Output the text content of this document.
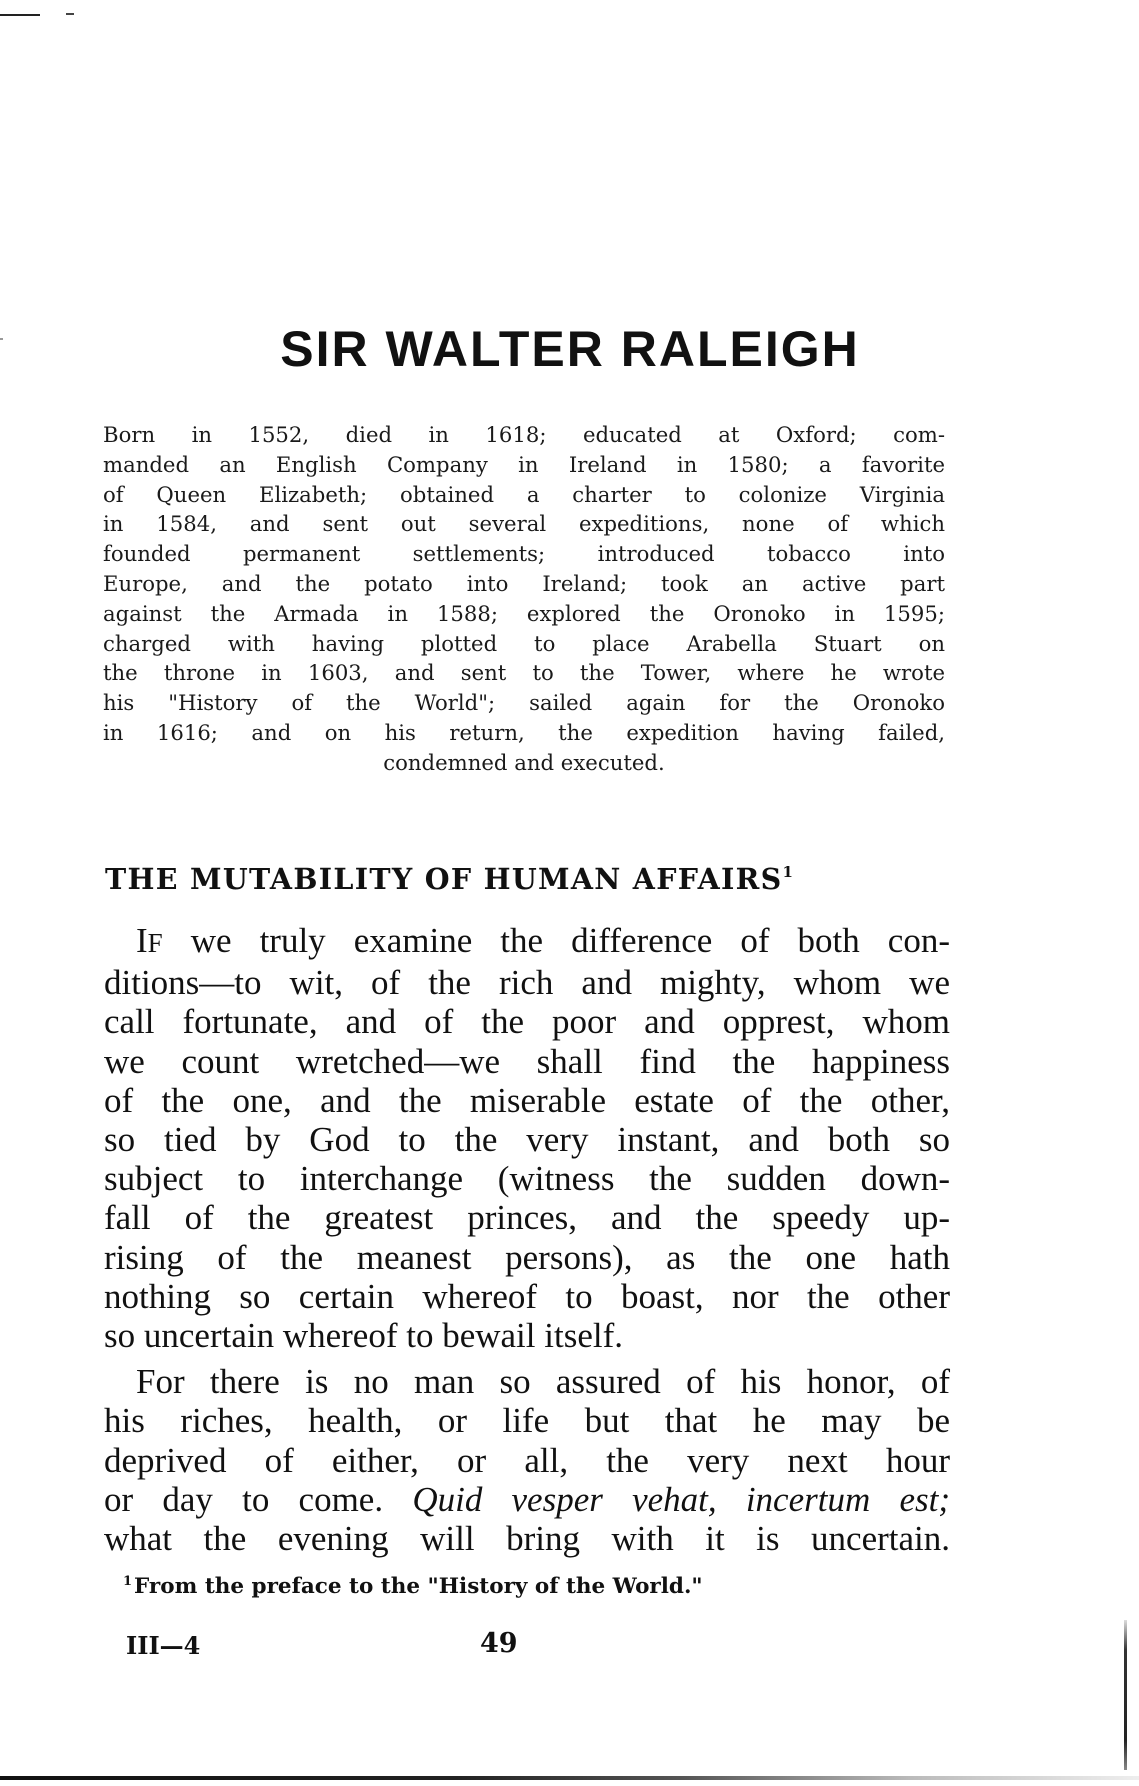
SIR WALTER RALEIGH
Born in 1552, died in 1618; educated at Oxford; com-
manded an English Company in Ireland in 1580; a favorite
of Queen Elizabeth; obtained a charter to colonize Virginia
in 1584, and sent out several expeditions, none of which
founded permanent settlements; introduced tobacco into
Europe, and the potato into Ireland; took an active part
against the Armada in 1588; explored the Oronoko in 1595;
charged with having plotted to place Arabella Stuart on
the throne in 1603, and sent to the Tower, where he wrote
his "History of the World"; sailed again for the Oronoko
in 1616; and on his return, the expedition having failed,
condemned and executed.
THE MUTABILITY OF HUMAN AFFAIRS$^1$
IF we truly examine the difference of both con-
ditions—to wit, of the rich and mighty, whom we
call fortunate, and of the poor and opprest, whom
we count wretched—we shall find the happiness
of the one, and the miserable estate of the other,
so tied by God to the very instant, and both so
subject to interchange (witness the sudden down-
fall of the greatest princes, and the speedy up-
rising of the meanest persons), as the one hath
nothing so certain whereof to boast, nor the other
so uncertain whereof to bewail itself.
For there is no man so assured of his honor, of
his riches, health, or life but that he may be
deprived of either, or all, the very next hour
or day to come. Quid vesper vehat, incertum est;
what the evening will bring with it is uncertain.

$^1$From the preface to the "History of the World."

III—4	49
